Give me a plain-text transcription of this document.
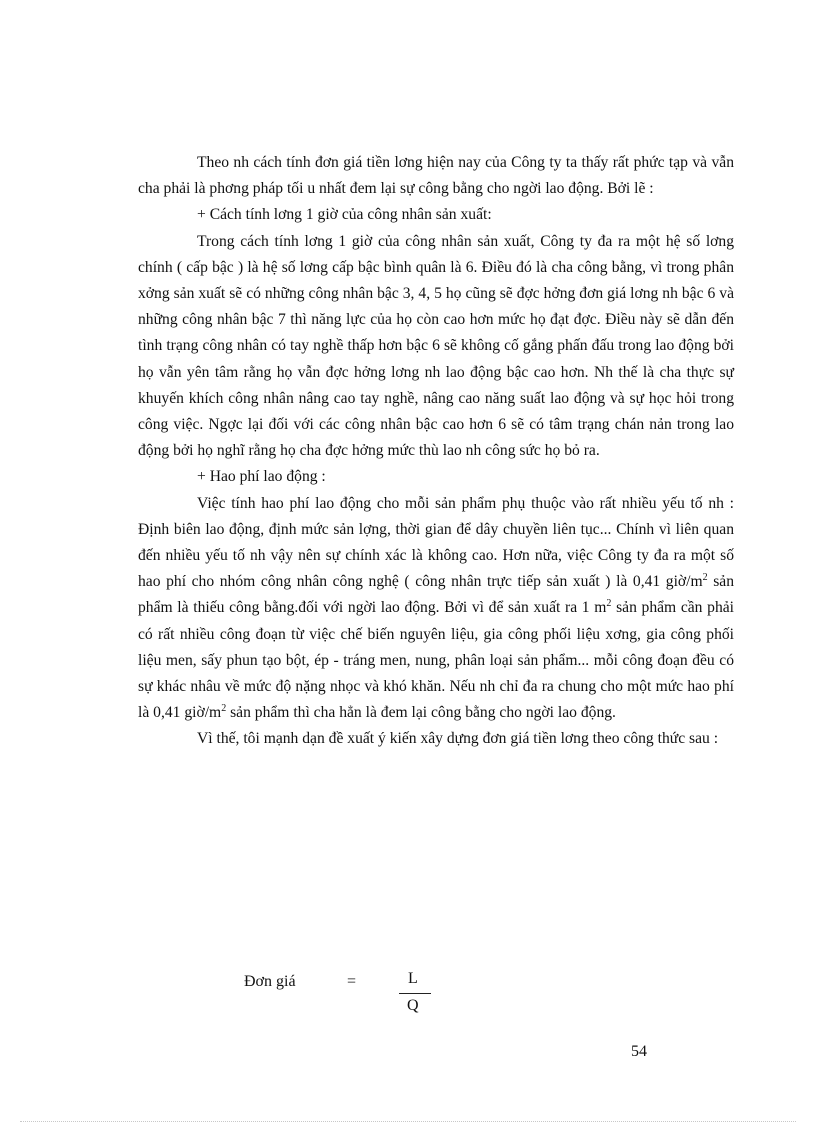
Theo nh cách tính đơn giá tiền lơng hiện nay của Công ty ta thấy rất phức tạp và vẫn cha phải là phơng pháp tối u nhất đem lại sự công bằng cho ngời lao động. Bởi lẽ :

+ Cách tính lơng 1 giờ của công nhân sản xuất:

Trong cách tính lơng 1 giờ của công nhân sản xuất, Công ty đa ra một hệ số lơng chính ( cấp bậc ) là hệ số lơng cấp bậc bình quân là 6. Điều đó là cha công bằng, vì trong phân xởng sản xuất sẽ có những công nhân bậc 3, 4, 5 họ cũng sẽ đợc hởng đơn giá lơng nh bậc 6 và những công nhân bậc 7 thì năng lực của họ còn cao hơn mức họ đạt đợc. Điều này sẽ dẫn đến tình trạng công nhân có tay nghề thấp hơn bậc 6 sẽ không cố gắng phấn đấu trong lao động bởi họ vẫn yên tâm rằng họ vẫn đợc hởng lơng nh lao động bậc cao hơn. Nh thế là cha thực sự khuyến khích công nhân nâng cao tay nghề, nâng cao năng suất lao động và sự học hỏi trong công việc. Ngợc lại đối với các công nhân bậc cao hơn 6 sẽ có tâm trạng chán nản trong lao động bởi họ nghĩ rằng họ cha đợc hởng mức thù lao nh công sức họ bỏ ra.

+ Hao phí lao động :

Việc tính hao phí lao động cho mỗi sản phẩm phụ thuộc vào rất nhiều yếu tố nh : Định biên lao động, định mức sản lợng, thời gian để dây chuyền liên tục... Chính vì liên quan đến nhiều yếu tố nh vậy nên sự chính xác là không cao. Hơn nữa, việc Công ty đa ra một số hao phí cho nhóm công nhân công nghệ ( công nhân trực tiếp sản xuất ) là 0,41 giờ/$m^2$ sản phẩm là thiếu công bằng.đối với ngời lao động. Bởi vì để sản xuất ra 1 $m^2$ sản phẩm cần phải có rất nhiều công đoạn từ việc chế biến nguyên liệu, gia công phối liệu xơng, gia công phối liệu men, sấy phun tạo bột, ép - tráng men, nung, phân loại sản phẩm... mỗi công đoạn đều có sự khác nhâu về mức độ nặng nhọc và khó khăn. Nếu nh chỉ đa ra chung cho một mức hao phí là 0,41 giờ/$m^2$ sản phẩm thì cha hẳn là đem lại công bằng cho ngời lao động.

Vì thế, tôi mạnh dạn đề xuất ý kiến xây dựng đơn giá tiền lơng theo công thức sau :

Đơn giá	=	L
Q
54
